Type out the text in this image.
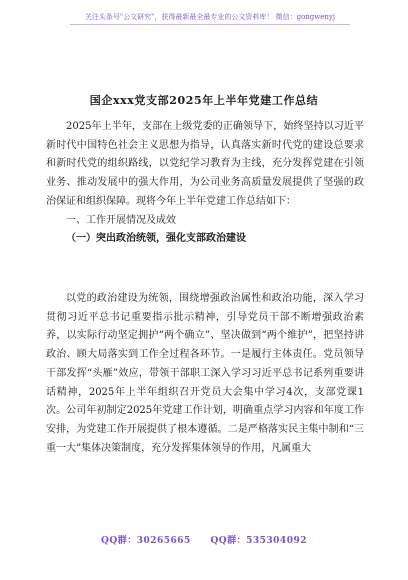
关注头条号"公文研究"，获得最新最全最专业的公文资料库！ 微信：gongwenyj
国企xxx党支部2025年上半年党建工作总结

2025年上半年，支部在上级党委的正确领导下，始终坚持以习近平新时代中国特色社会主义思想为指导，认真落实新时代党的建设总要求和新时代党的组织路线，以党纪学习教育为主线，充分发挥党建在引领业务、推动发展中的强大作用，为公司业务高质量发展提供了坚强的政治保证和组织保障。现将今年上半年党建工作总结如下：

一、工作开展情况及成效

（一）突出政治统领，强化支部政治建设

以党的政治建设为统领，围绕增强政治属性和政治功能，深入学习贯彻习近平总书记重要指示批示精神，引导党员干部不断增强政治素养，以实际行动坚定拥护“两个确立”、坚决做到“两个维护”，把坚持讲政治、顾大局落实到工作全过程各环节。一是履行主体责任。党员领导干部发挥“头雁”效应，带领干部职工深入学习习近平总书记系列重要讲话精神，2025年上半年组织召开党员大会集中学习4次，支部党课1次。公司年初制定2025年党建工作计划，明确重点学习内容和年度工作安排，为党建工作开展提供了根本遵循。二是严格落实民主集中制和“三重一大”集体决策制度，充分发挥集体领导的作用，凡属重大

QQ群：30265665 QQ群：535304092
